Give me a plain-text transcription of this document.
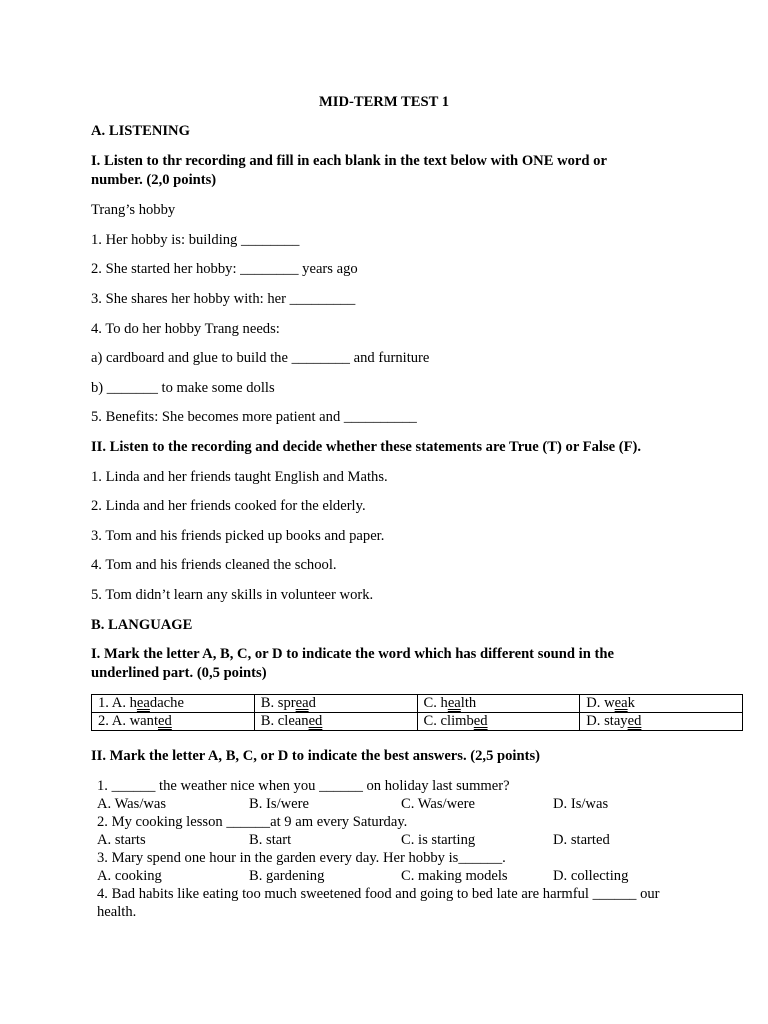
MID-TERM TEST 1
A. LISTENING
I. Listen to thr recording and fill in each blank in the text below with ONE word or
number. (2,0 points)
Trang’s hobby
1. Her hobby is: building ________
2. She started her hobby: ________ years ago
3. She shares her hobby with: her _________
4. To do her hobby Trang needs:
a) cardboard and glue to build the ________ and furniture
b) _______ to make some dolls
5. Benefits: She becomes more patient and __________
II. Listen to the recording and decide whether these statements are True (T) or False (F).
1. Linda and her friends taught English and Maths.
2. Linda and her friends cooked for the elderly.
3. Tom and his friends picked up books and paper.
4. Tom and his friends cleaned the school.
5. Tom didn’t learn any skills in volunteer work.
B. LANGUAGE
I. Mark the letter A, B, C, or D to indicate the word which has different sound in the
underlined part. (0,5 points)
1. A. headache	B. spread	C. health	D. weak
2. A. wanted	B. cleaned	C. climbed	D. stayed
II. Mark the letter A, B, C, or D to indicate the best answers. (2,5 points)
1. ______ the weather nice when you ______ on holiday last summer?
A. Was/was	B. Is/were	C. Was/were	D. Is/was
2. My cooking lesson ______at 9 am every Saturday.
A. starts	B. start	C. is starting	D. started
3. Mary spend one hour in the garden every day. Her hobby is______.
A. cooking	B. gardening	C. making models	D. collecting
4. Bad habits like eating too much sweetened food and going to bed late are harmful ______ our
health.
